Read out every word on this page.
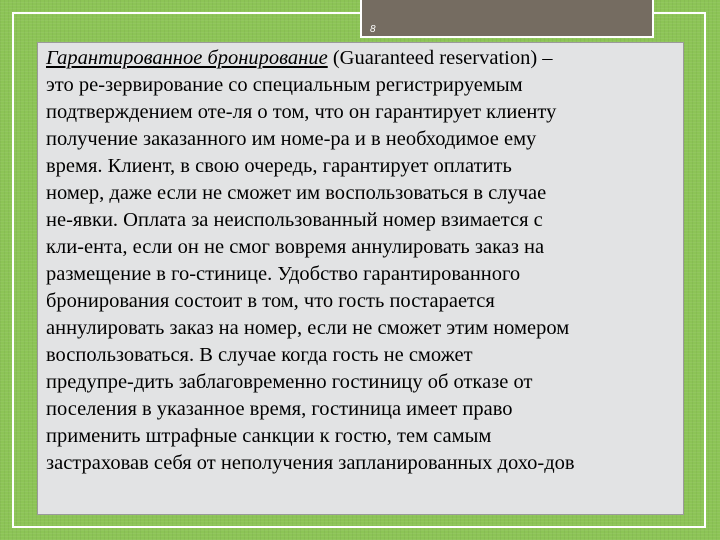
8

Гарантированное бронирование (Guaranteed reservation) –
это ре-зервирование со специальным регистрируемым
подтверждением оте-ля о том, что он гарантирует клиенту
получение заказанного им номе-ра и в необходимое ему
время. Клиент, в свою очередь, гарантирует оплатить
номер, даже если не сможет им воспользоваться в случае
не-явки. Оплата за неиспользованный номер взимается с
кли-ента, если он не смог вовремя аннулировать заказ на
размещение в го-стинице. Удобство гарантированного
бронирования состоит в том, что гость постарается
аннулировать заказ на номер, если не сможет этим номером
воспользоваться. В случае когда гость не сможет
предупре-дить заблаговременно гостиницу об отказе от
поселения в указанное время, гостиница имеет право
применить штрафные санкции к гостю, тем самым
застраховав себя от неполучения запланированных дохо-дов
